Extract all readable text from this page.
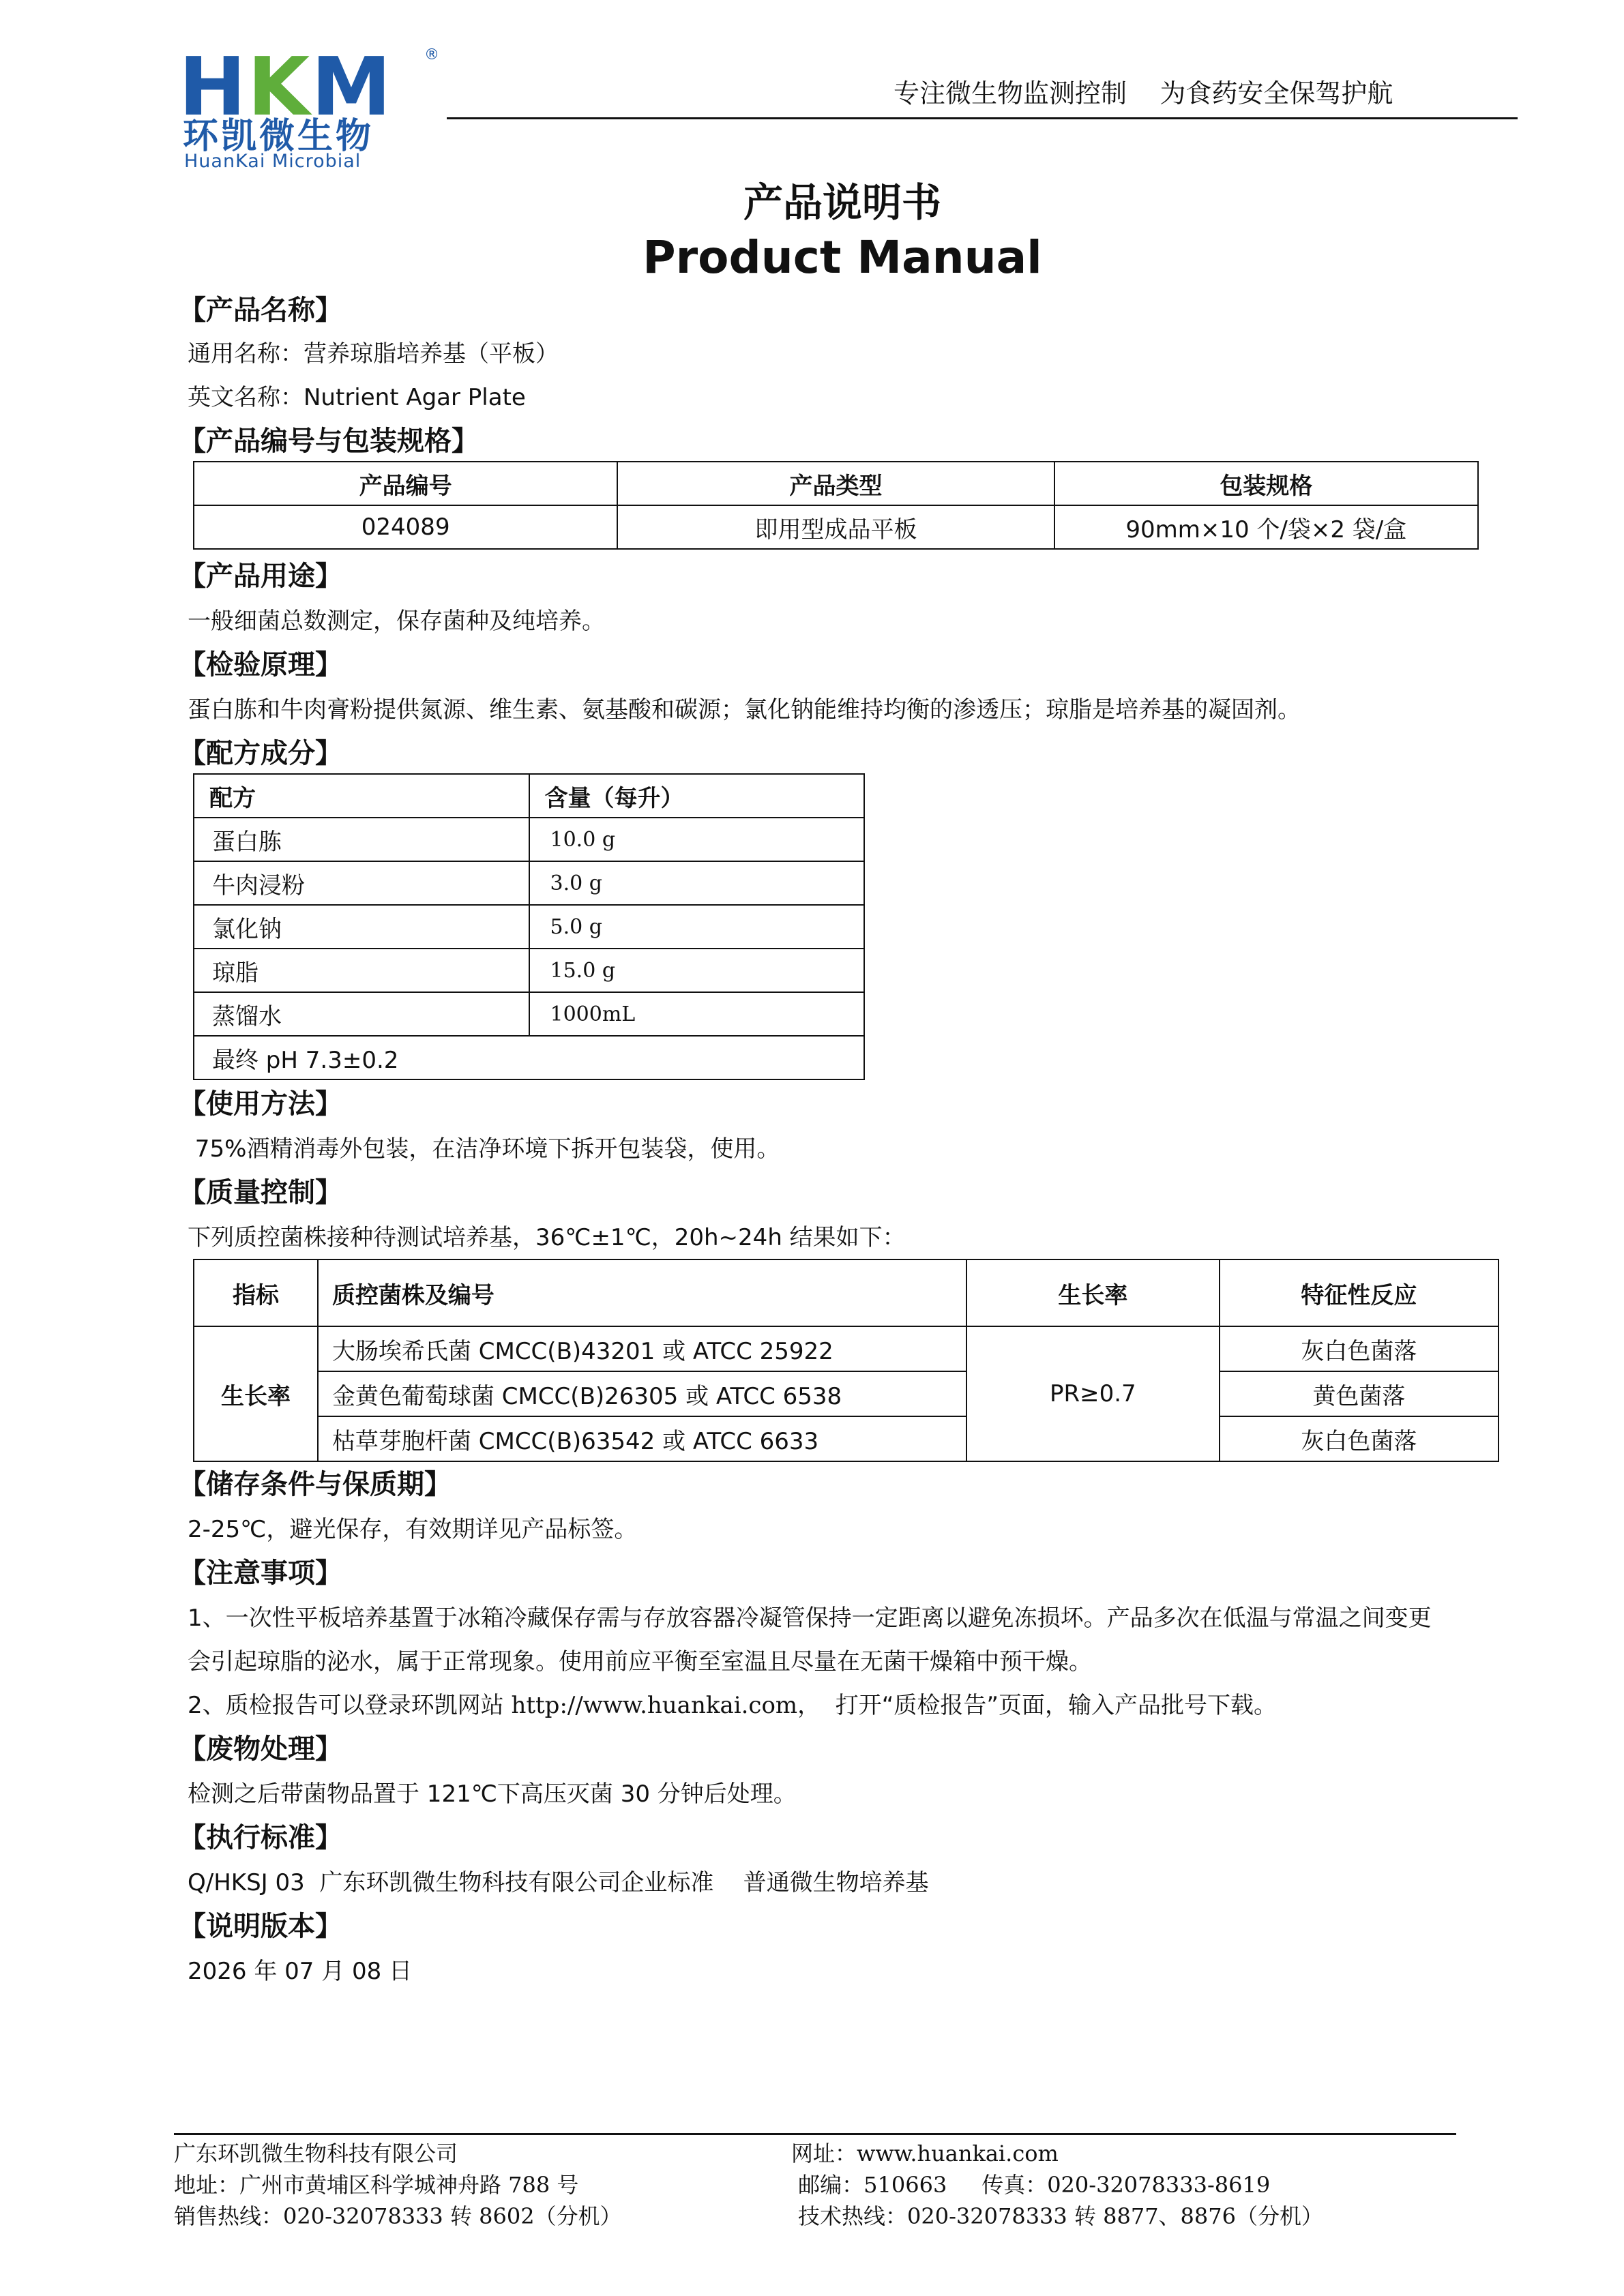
HKM ®
环凯微生物
HuanKai Microbial
专注微生物监测控制    为食药安全保驾护航
产品说明书
Product Manual
【产品名称】
通用名称：营养琼脂培养基（平板）
英文名称：Nutrient Agar Plate
【产品编号与包装规格】
产品编号	产品类型	包装规格
024089	即用型成品平板	90mm×10 个/袋×2 袋/盒
【产品用途】
一般细菌总数测定，保存菌种及纯培养。
【检验原理】
蛋白胨和牛肉膏粉提供氮源、维生素、氨基酸和碳源；氯化钠能维持均衡的渗透压；琼脂是培养基的凝固剂。
【配方成分】
配方	含量（每升）
蛋白胨	10.0 g
牛肉浸粉	3.0 g
氯化钠	5.0 g
琼脂	15.0 g
蒸馏水	1000mL
最终 pH 7.3±0.2	
【使用方法】
75%酒精消毒外包装，在洁净环境下拆开包装袋，使用。
【质量控制】
下列质控菌株接种待测试培养基，36℃±1℃，20h~24h 结果如下：
指标	质控菌株及编号	生长率	特征性反应
生长率	大肠埃希氏菌 CMCC(B)43201 或 ATCC 25922	PR≥0.7	灰白色菌落
	金黄色葡萄球菌 CMCC(B)26305 或 ATCC 6538		黄色菌落
	枯草芽胞杆菌 CMCC(B)63542 或 ATCC 6633		灰白色菌落
【储存条件与保质期】
2-25℃，避光保存，有效期详见产品标签。
【注意事项】
1、一次性平板培养基置于冰箱冷藏保存需与存放容器冷凝管保持一定距离以避免冻损坏。产品多次在低温与常温之间变更
会引起琼脂的泌水，属于正常现象。使用前应平衡至室温且尽量在无菌干燥箱中预干燥。
2、质检报告可以登录环凯网站 http://www.huankai.com，  打开“质检报告”页面，输入产品批号下载。
【废物处理】
检测之后带菌物品置于 121℃下高压灭菌 30 分钟后处理。
【执行标准】
Q/HKSJ 03  广东环凯微生物科技有限公司企业标准    普通微生物培养基
【说明版本】
2026 年 07 月 08 日
广东环凯微生物科技有限公司	网址：www.huankai.com
地址：广州市黄埔区科学城神舟路 788 号	邮编：510663     传真：020-32078333-8619
销售热线：020-32078333 转 8602（分机）	技术热线：020-32078333 转 8877、8876（分机）
